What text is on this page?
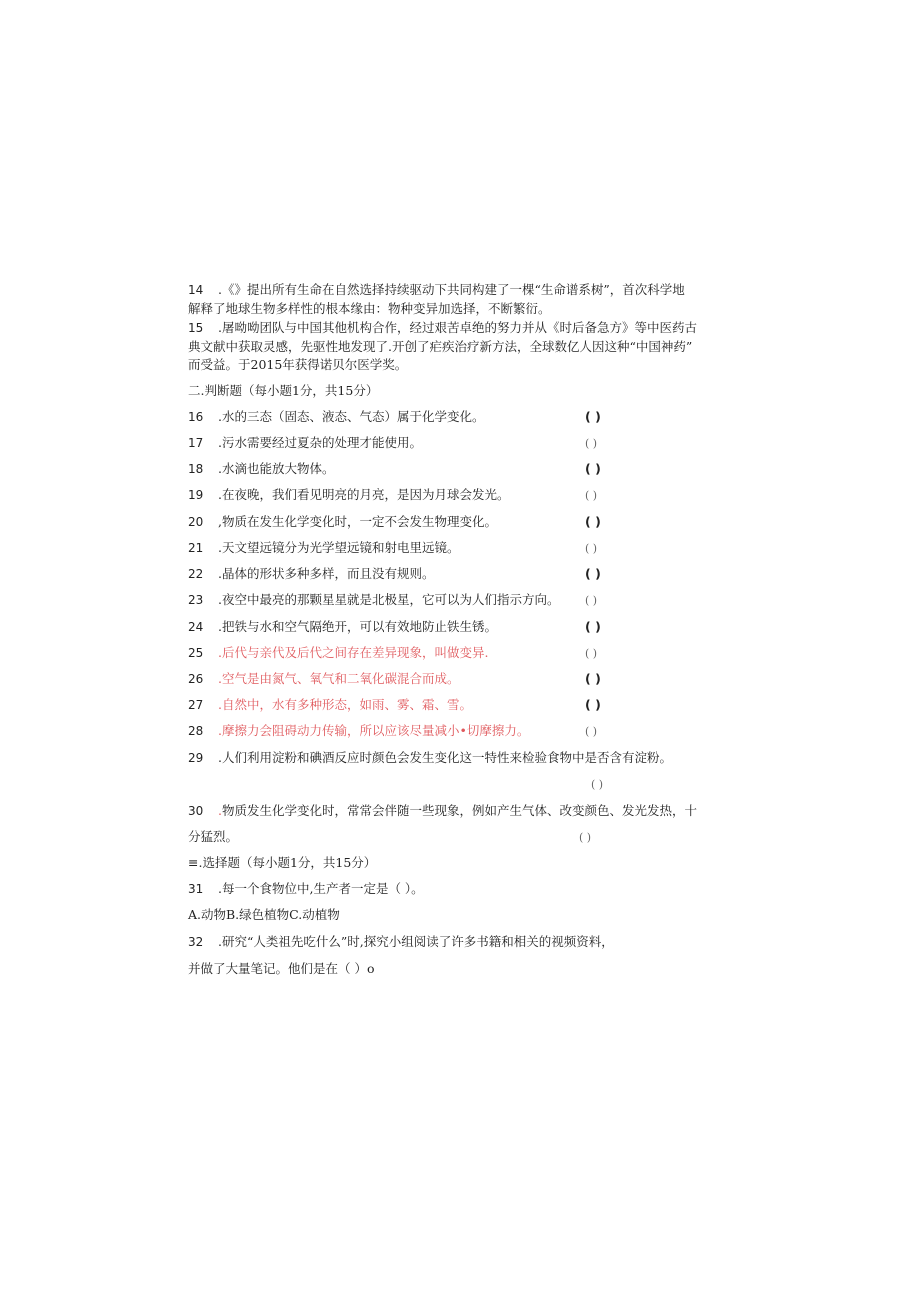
14 .《》提出所有生命在自然选择持续驱动下共同构建了一棵“生命谱系树”，首次科学地
解释了地球生物多样性的根本缘由：物种变异加选择，不断繁衍。
15 .屠呦呦团队与中国其他机构合作，经过艰苦卓绝的努力并从《时后备急方》等中医药古
典文献中获取灵感，先驱性地发现了.开创了疟疾治疗新方法，全球数亿人因这种“中国神药”
而受益。于2015年获得诺贝尔医学奖。
二.判断题（每小题1分，共15分）
16 .水的三态（固态、液态、气态）属于化学变化。	( )
17 .污水需要经过夏杂的处理才能使用。	( )
18 .水滴也能放大物体。	( )
19 .在夜晚，我们看见明亮的月亮，是因为月球会发光。	( )
20 ,物质在发生化学变化时，一定不会发生物理变化。	( )
21 .天文望远镜分为光学望远镜和射电里远镜。	( )
22 .晶体的形状多种多样，而且没有规则。	( )
23 .夜空中最亮的那颗星星就是北极星，它可以为人们指示方向。 ( )
24 .把铁与水和空气隔绝开，可以有效地防止铁生锈。	( )
25 .后代与亲代及后代之间存在差异现象，叫做变异.	( )
26 .空气是由氮气、氧气和二氧化碳混合而成。	( )
27 .自然中，水有多种形态，如雨、雾、霜、雪。	( )
28 .摩擦力会阻碍动力传输，所以应该尽量减小•切摩擦力。	( )
29 .人们利用淀粉和碘酒反应时颜色会发生变化这一特性来检验食物中是否含有淀粉。
( )
30 .物质发生化学变化时，常常会伴随一些现象，例如产生气体、改变颜色、发光发热，十
分猛烈。	( )
≡.选择题（每小题1分，共15分）
31 .每一个食物位中,生产者一定是（ ）。
A.动物B.绿色植物C.动植物
32 .研究“人类祖先吃什么”时,探究小组阅读了许多书籍和相关的视频资料，
并做了大量笔记。他们是在（ ）o
